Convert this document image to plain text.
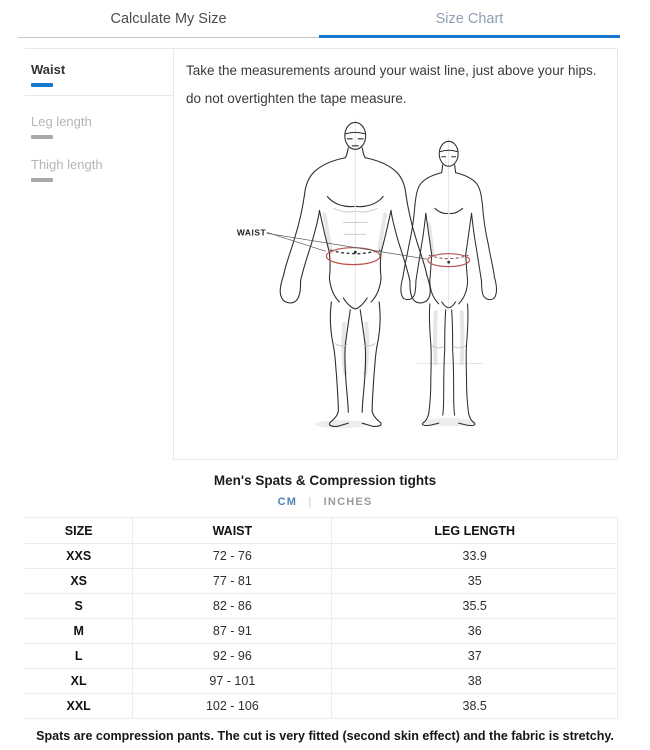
Calculate My Size	Size Chart
Waist
Leg length
Thigh length
Take the measurements around your waist line, just above your hips. do not overtighten the tape measure.
WAIST
Men's Spats & Compression tights
CM | INCHES
SIZE	WAIST	LEG LENGTH
XXS	72 - 76	33.9
XS	77 - 81	35
S	82 - 86	35.5
M	87 - 91	36
L	92 - 96	37
XL	97 - 101	38
XXL	102 - 106	38.5
Spats are compression pants. The cut is very fitted (second skin effect) and the fabric is stretchy.
